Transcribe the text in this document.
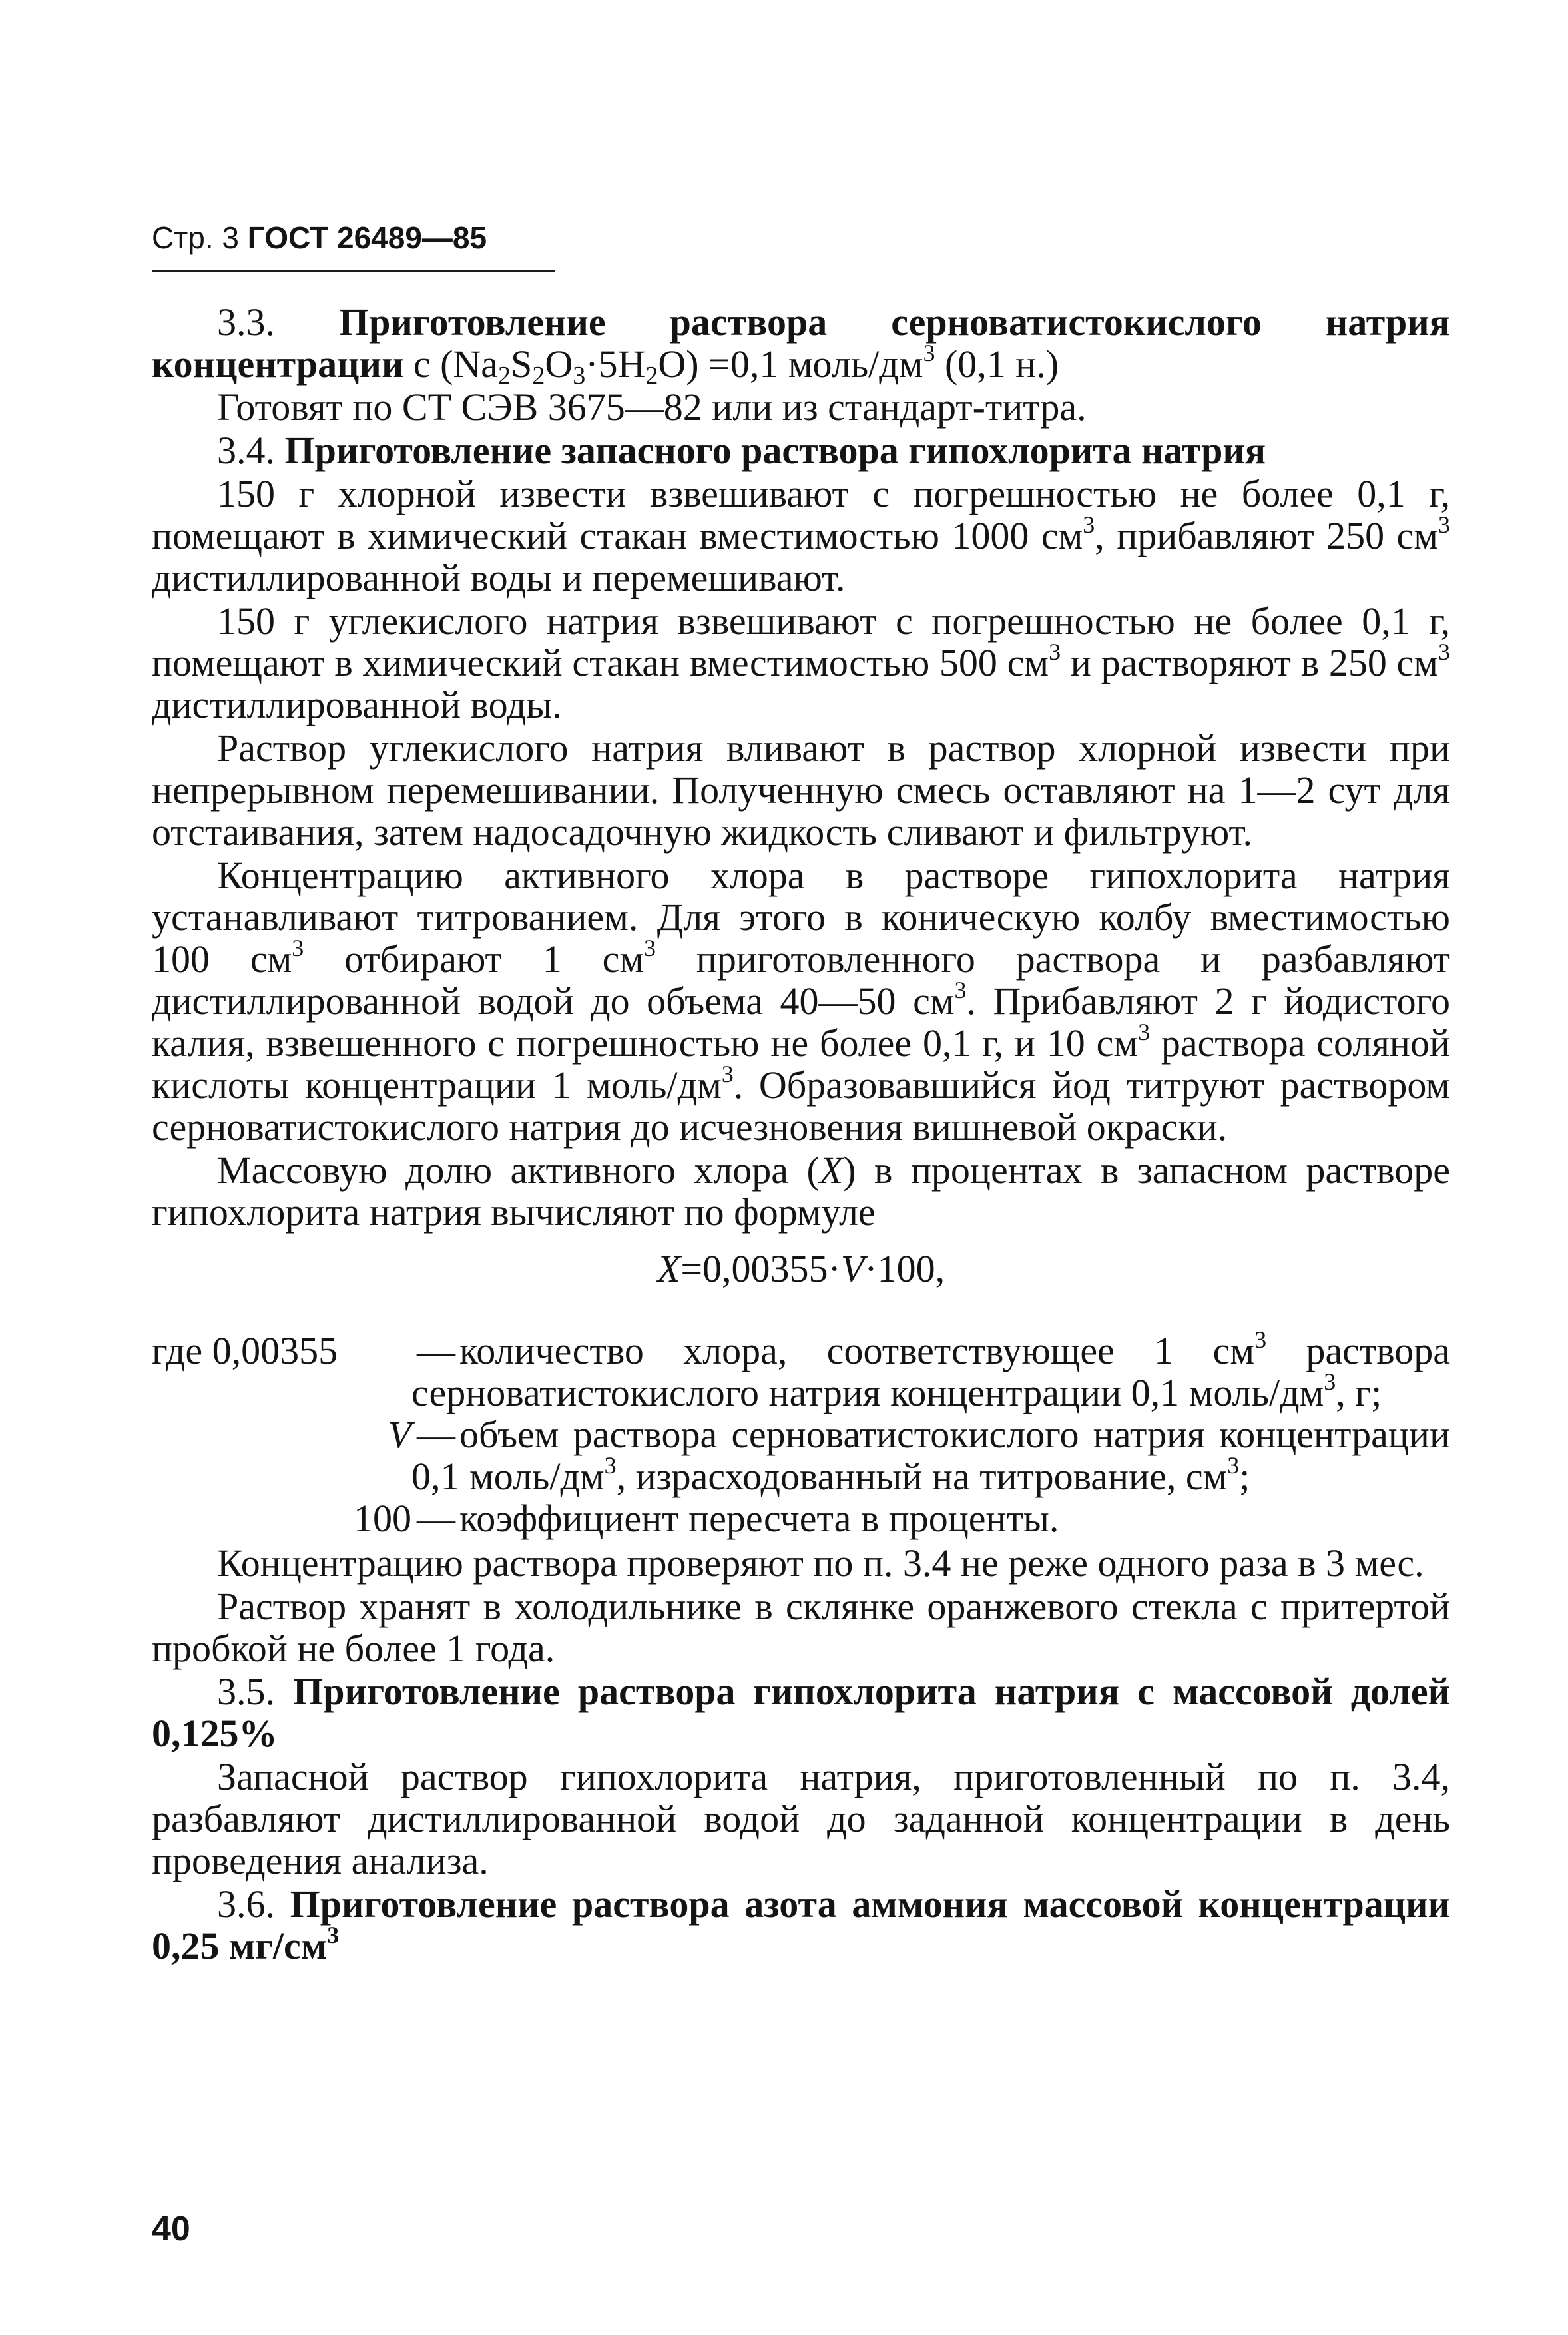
Стр. 3 ГОСТ 26489—85

3.3. Приготовление раствора серноватистокислого натрия концентрации с $(Na_2S_2O_3\cdot 5H_2O) =0,1$ моль/$дм^3$ (0,1 н.)

Готовят по СТ СЭВ 3675—82 или из стандарт-титра.

3.4. Приготовление запасного раствора гипохлорита натрия

150 г хлорной извести взвешивают с погрешностью не более 0,1 г, помещают в химический стакан вместимостью 1000 $см^3$, прибавляют 250 $см^3$ дистиллированной воды и перемешивают.

150 г углекислого натрия взвешивают с погрешностью не более 0,1 г, помещают в химический стакан вместимостью 500 $см^3$ и растворяют в 250 $см^3$ дистиллированной воды.

Раствор углекислого натрия вливают в раствор хлорной извести при непрерывном перемешивании. Полученную смесь оставляют на 1—2 сут для отстаивания, затем надосадочную жидкость сливают и фильтруют.

Концентрацию активного хлора в растворе гипохлорита натрия устанавливают титрованием. Для этого в коническую колбу вместимостью 100 $см^3$ отбирают 1 $см^3$ приготовленного раствора и разбавляют дистиллированной водой до объема 40—50 $см^3$. Прибавляют 2 г йодистого калия, взвешенного с погрешностью не более 0,1 г, и 10 $см^3$ раствора соляной кислоты концентрации 1 моль/$дм^3$. Образовавшийся йод титруют раствором серноватистокислого натрия до исчезновения вишневой окраски.

Массовую долю активного хлора (X) в процентах в запасном растворе гипохлорита натрия вычисляют по формуле

X=0,00355·V·100,

где 0,00355	— количество хлора, соответствующее 1 $см^3$ раствора серноватистокислого натрия концентрации 0,1 моль/$дм^3$, г;
V — объем раствора серноватистокислого натрия концентрации 0,1 моль/$дм^3$, израсходованный на титрование, $см^3$;
100 — коэффициент пересчета в проценты.

Концентрацию раствора проверяют по п. 3.4 не реже одного раза в 3 мес.

Раствор хранят в холодильнике в склянке оранжевого стекла с притертой пробкой не более 1 года.

3.5. Приготовление раствора гипохлорита натрия с массовой долей 0,125%

Запасной раствор гипохлорита натрия, приготовленный по п. 3.4, разбавляют дистиллированной водой до заданной концентрации в день проведения анализа.

3.6. Приготовление раствора азота аммония массовой концентрации 0,25 $мг/см^3$

40
